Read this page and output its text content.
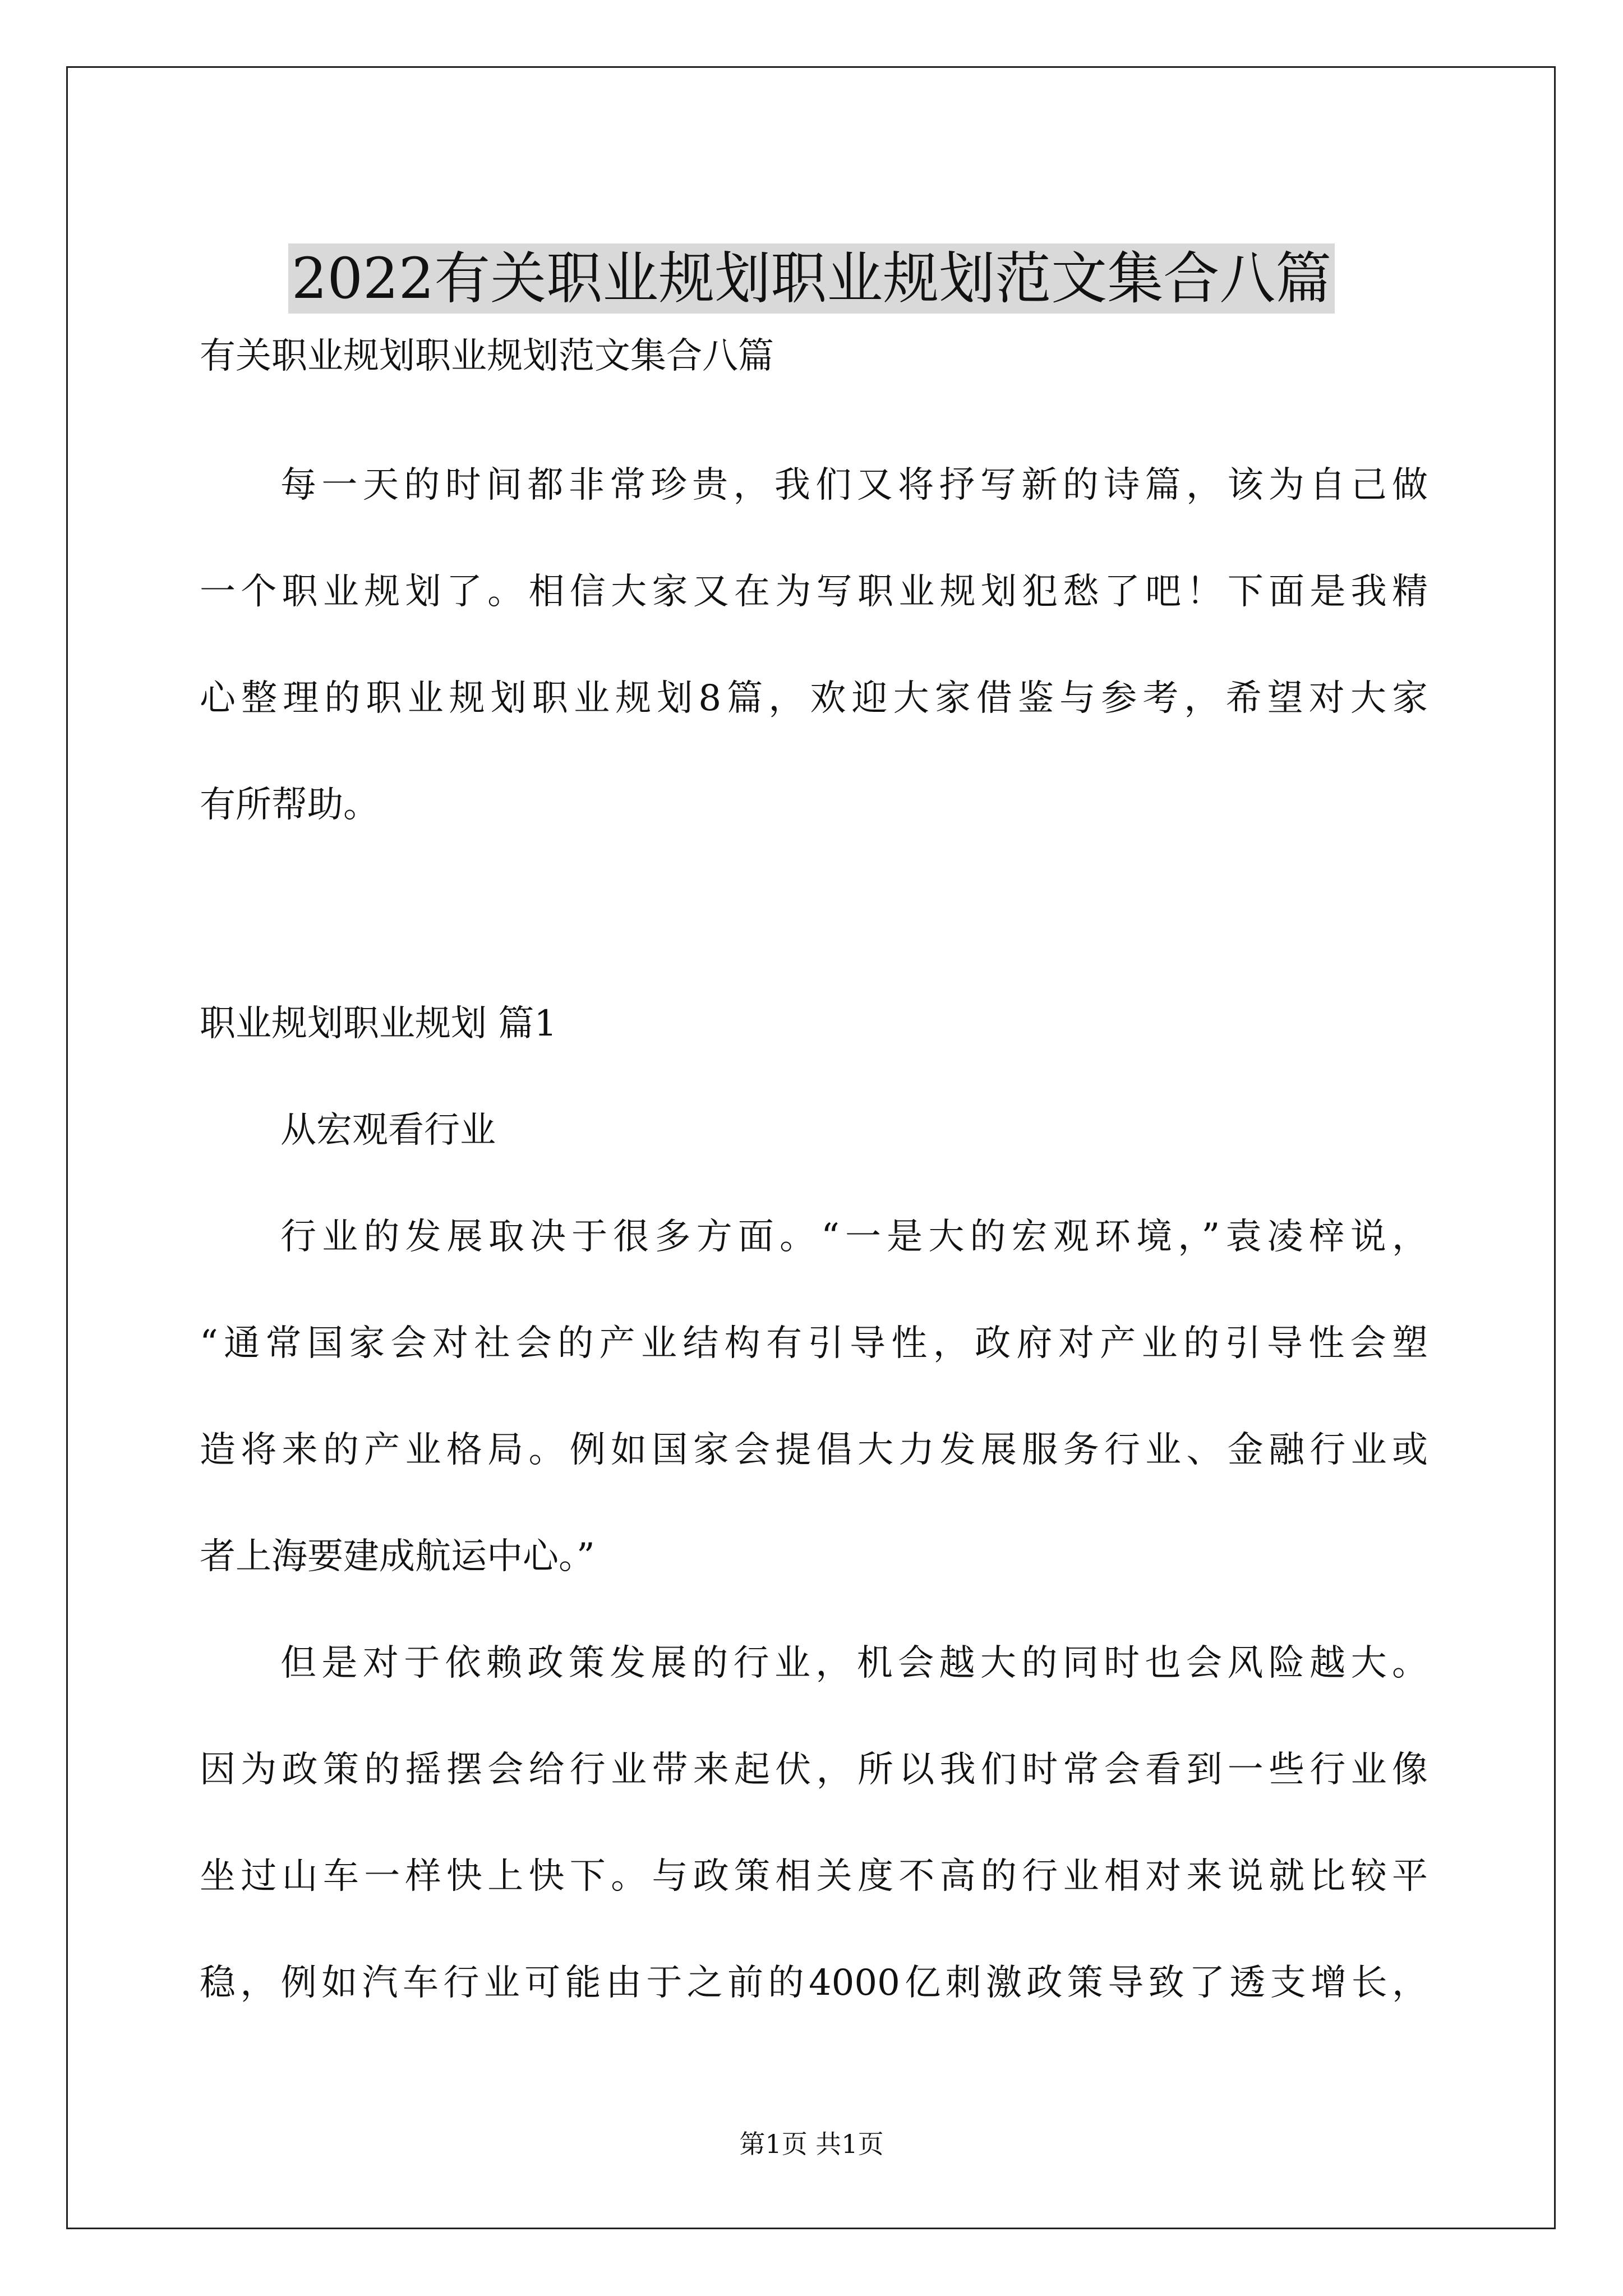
2022有关职业规划职业规划范文集合八篇
有关职业规划职业规划范文集合八篇
每一天的时间都非常珍贵，我们又将抒写新的诗篇，该为自己做
一个职业规划了。相信大家又在为写职业规划犯愁了吧！下面是我精
心整理的职业规划职业规划8篇，欢迎大家借鉴与参考，希望对大家
有所帮助。
职业规划职业规划 篇1
从宏观看行业
行业的发展取决于很多方面。“一是大的宏观环境，”袁凌梓说，
“通常国家会对社会的产业结构有引导性，政府对产业的引导性会塑
造将来的产业格局。例如国家会提倡大力发展服务行业、金融行业或
者上海要建成航运中心。”
但是对于依赖政策发展的行业，机会越大的同时也会风险越大。
因为政策的摇摆会给行业带来起伏，所以我们时常会看到一些行业像
坐过山车一样快上快下。与政策相关度不高的行业相对来说就比较平
稳，例如汽车行业可能由于之前的4000亿刺激政策导致了透支增长，
第1页 共1页
